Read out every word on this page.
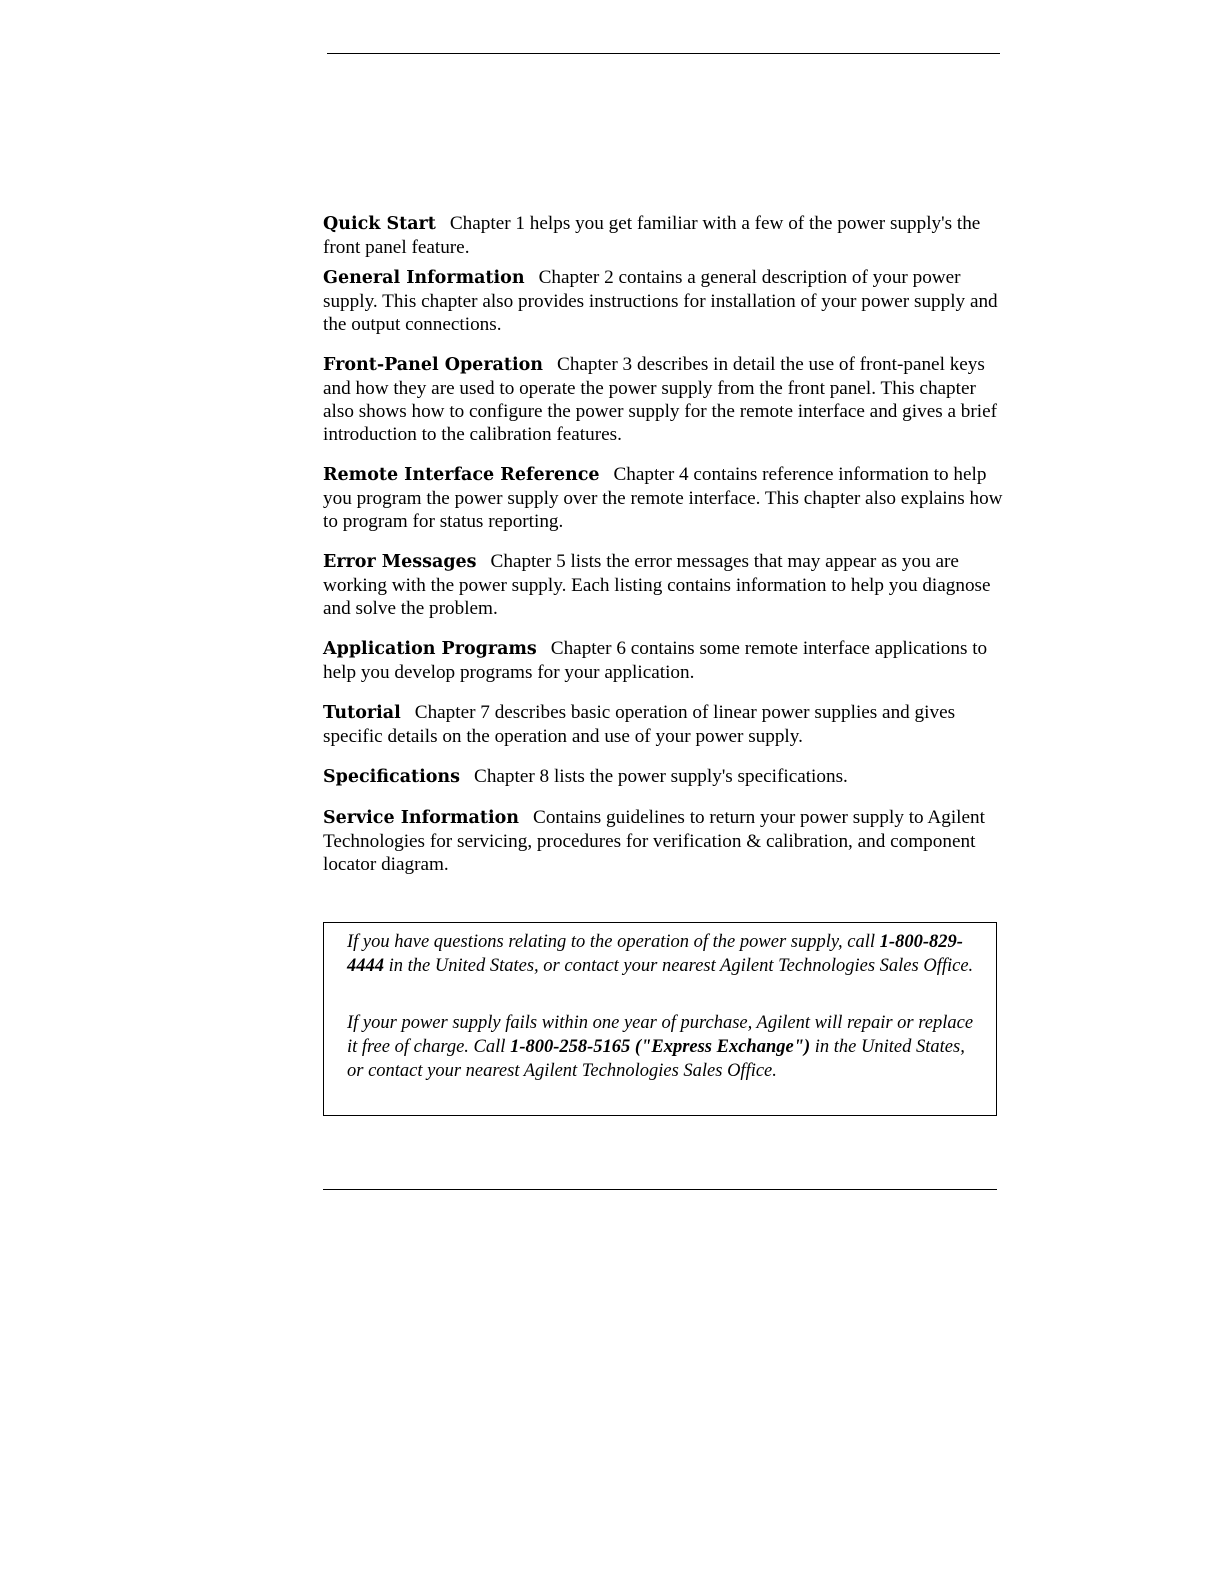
Quick Start Chapter 1 helps you get familiar with a few of the power supply's the front panel feature.

General Information Chapter 2 contains a general description of your power supply. This chapter also provides instructions for installation of your power supply and the output connections.

Front-Panel Operation Chapter 3 describes in detail the use of front-panel keys and how they are used to operate the power supply from the front panel. This chapter also shows how to configure the power supply for the remote interface and gives a brief introduction to the calibration features.

Remote Interface Reference Chapter 4 contains reference information to help you program the power supply over the remote interface. This chapter also explains how to program for status reporting.

Error Messages Chapter 5 lists the error messages that may appear as you are working with the power supply. Each listing contains information to help you diagnose and solve the problem.

Application Programs Chapter 6 contains some remote interface applications to help you develop programs for your application.

Tutorial Chapter 7 describes basic operation of linear power supplies and gives specific details on the operation and use of your power supply.

Specifications Chapter 8 lists the power supply's specifications.

Service Information Contains guidelines to return your power supply to Agilent Technologies for servicing, procedures for verification & calibration, and component locator diagram.

If you have questions relating to the operation of the power supply, call 1-800-829-4444 in the United States, or contact your nearest Agilent Technologies Sales Office.

If your power supply fails within one year of purchase, Agilent will repair or replace it free of charge. Call 1-800-258-5165 ("Express Exchange") in the United States, or contact your nearest Agilent Technologies Sales Office.
